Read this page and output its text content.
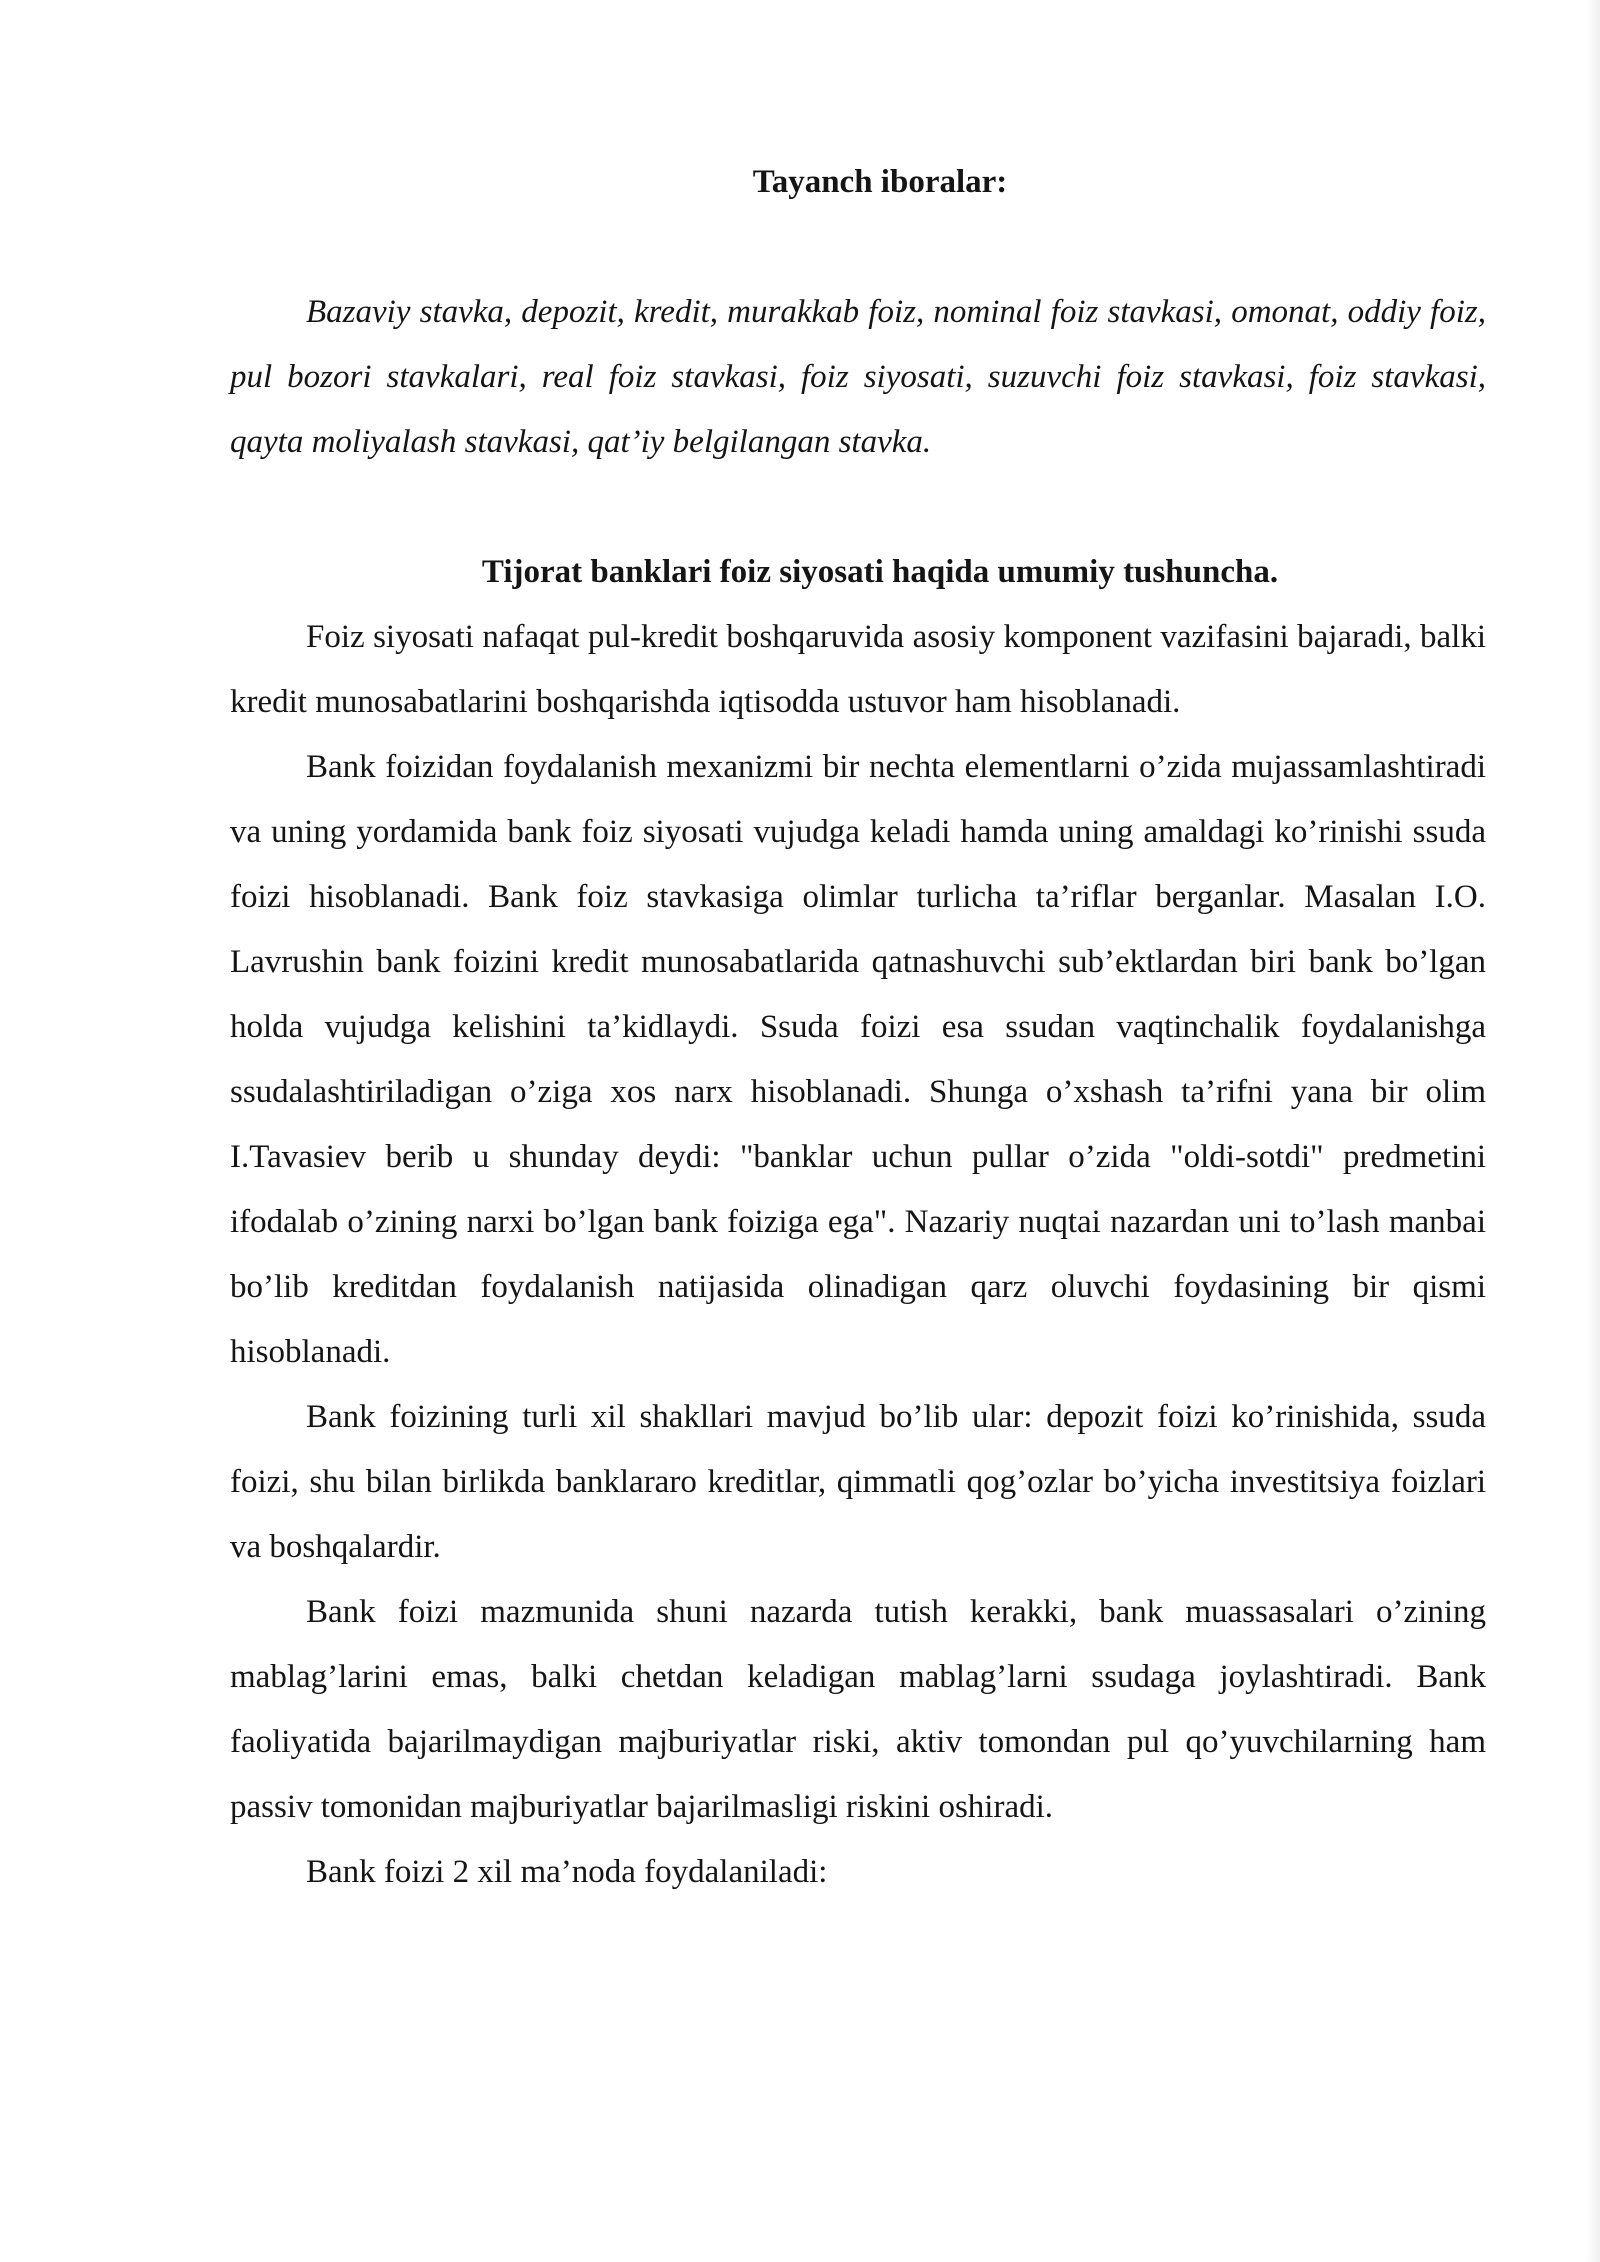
Tayanch iboralar:

Bazaviy stavka, depozit, kredit, murakkab foiz, nominal foiz stavkasi, omonat, oddiy foiz, pul bozori stavkalari, real foiz stavkasi, foiz siyosati, suzuvchi foiz stavkasi, foiz stavkasi, qayta moliyalash stavkasi, qat’iy belgilangan stavka.

Tijorat banklari foiz siyosati haqida umumiy tushuncha.

Foiz siyosati nafaqat pul-kredit boshqaruvida asosiy komponent vazifasini bajaradi, balki kredit munosabatlarini boshqarishda iqtisodda ustuvor ham hisoblanadi.

Bank foizidan foydalanish mexanizmi bir nechta elementlarni o’zida mujassamlashtiradi va uning yordamida bank foiz siyosati vujudga keladi hamda uning amaldagi ko’rinishi ssuda foizi hisoblanadi. Bank foiz stavkasiga olimlar turlicha ta’riflar berganlar. Masalan I.O. Lavrushin bank foizini kredit munosabatlarida qatnashuvchi sub’ektlardan biri bank bo’lgan holda vujudga kelishini ta’kidlaydi. Ssuda foizi esa ssudan vaqtinchalik foydalanishga ssudalashtiriladigan o’ziga xos narx hisoblanadi. Shunga o’xshash ta’rifni yana bir olim I.Tavasiev berib u shunday deydi: "banklar uchun pullar o’zida "oldi-sotdi" predmetini ifodalab o’zining narxi bo’lgan bank foiziga ega". Nazariy nuqtai nazardan uni to’lash manbai bo’lib kreditdan foydalanish natijasida olinadigan qarz oluvchi foydasining bir qismi hisoblanadi.

Bank foizining turli xil shakllari mavjud bo’lib ular: depozit foizi ko’rinishida, ssuda foizi, shu bilan birlikda banklararo kreditlar, qimmatli qog’ozlar bo’yicha investitsiya foizlari va boshqalardir.

Bank foizi mazmunida shuni nazarda tutish kerakki, bank muassasalari o’zining mablag’larini emas, balki chetdan keladigan mablag’larni ssudaga joylashtiradi. Bank faoliyatida bajarilmaydigan majburiyatlar riski, aktiv tomondan pul qo’yuvchilarning ham passiv tomonidan majburiyatlar bajarilmasligi riskini oshiradi.

Bank foizi 2 xil ma’noda foydalaniladi:
